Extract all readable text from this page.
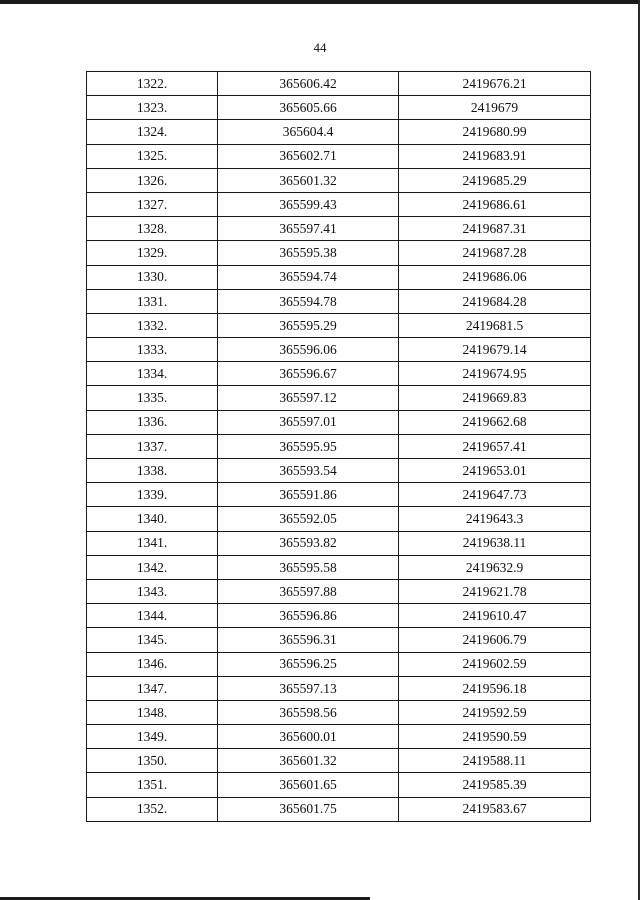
44
1322.	365606.42	2419676.21
1323.	365605.66	2419679
1324.	365604.4	2419680.99
1325.	365602.71	2419683.91
1326.	365601.32	2419685.29
1327.	365599.43	2419686.61
1328.	365597.41	2419687.31
1329.	365595.38	2419687.28
1330.	365594.74	2419686.06
1331.	365594.78	2419684.28
1332.	365595.29	2419681.5
1333.	365596.06	2419679.14
1334.	365596.67	2419674.95
1335.	365597.12	2419669.83
1336.	365597.01	2419662.68
1337.	365595.95	2419657.41
1338.	365593.54	2419653.01
1339.	365591.86	2419647.73
1340.	365592.05	2419643.3
1341.	365593.82	2419638.11
1342.	365595.58	2419632.9
1343.	365597.88	2419621.78
1344.	365596.86	2419610.47
1345.	365596.31	2419606.79
1346.	365596.25	2419602.59
1347.	365597.13	2419596.18
1348.	365598.56	2419592.59
1349.	365600.01	2419590.59
1350.	365601.32	2419588.11
1351.	365601.65	2419585.39
1352.	365601.75	2419583.67
